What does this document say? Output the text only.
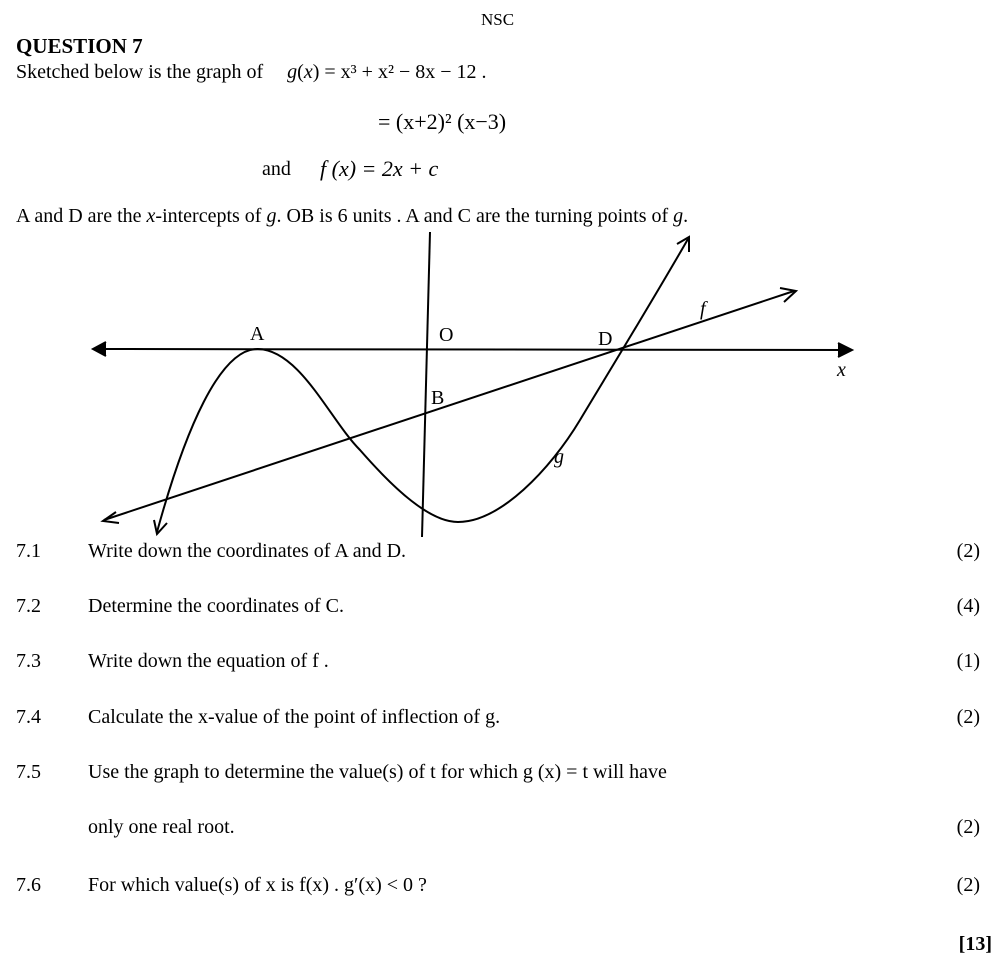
NSC
QUESTION 7
Sketched below is the graph of g(x) = x³ + x² − 8x − 12 .
= (x+2)² (x−3)
and f (x) = 2x + c
A and D are the x-intercepts of g. OB is 6 units . A and C are the turning points of g.
A	O	D
B
x
f
g
7.1 Write down the coordinates of A and D.	(2)
7.2 Determine the coordinates of C.	(4)
7.3 Write down the equation of f .	(1)
7.4 Calculate the x-value of the point of inflection of g.	(2)
7.5 Use the graph to determine the value(s) of t for which g (x) = t will have
only one real root.	(2)
7.6 For which value(s) of x is f(x) . g′(x) < 0 ?	(2)
[13]
